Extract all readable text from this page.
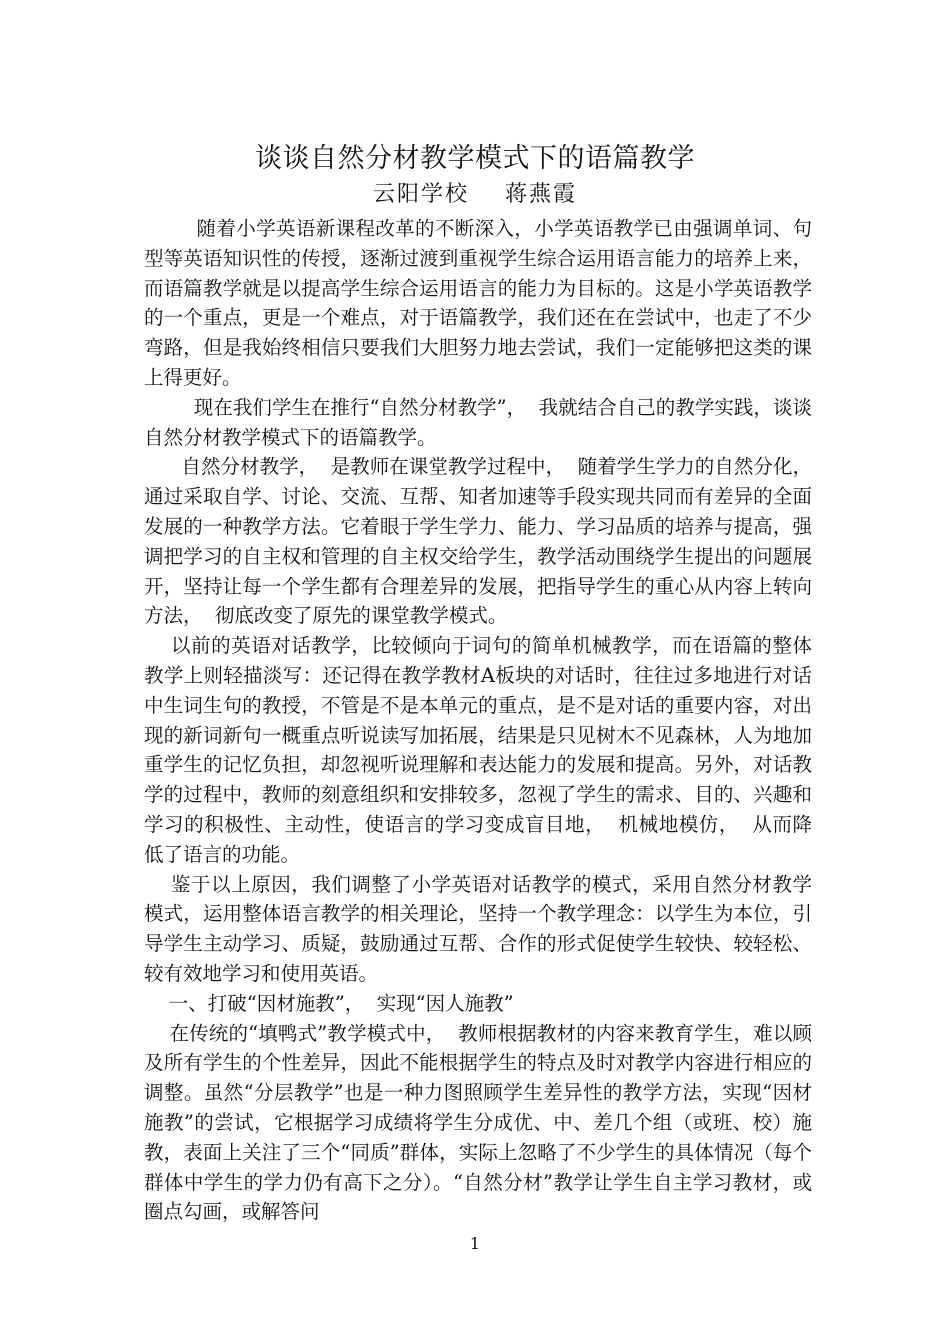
谈谈自然分材教学模式下的语篇教学
云阳学校    蒋燕霞

随着小学英语新课程改革的不断深入，小学英语教学已由强调单词、句型等英语知识性的传授，逐渐过渡到重视学生综合运用语言能力的培养上来，而语篇教学就是以提高学生综合运用语言的能力为目标的。这是小学英语教学的一个重点，更是一个难点，对于语篇教学，我们还在在尝试中，也走了不少弯路，但是我始终相信只要我们大胆努力地去尝试，我们一定能够把这类的课上得更好。

现在我们学生在推行“自然分材教学”，  我就结合自己的教学实践，谈谈自然分材教学模式下的语篇教学。

自然分材教学，  是教师在课堂教学过程中，  随着学生学力的自然分化，通过采取自学、讨论、交流、互帮、知者加速等手段实现共同而有差异的全面发展的一种教学方法。它着眼于学生学力、能力、学习品质的培养与提高，强调把学习的自主权和管理的自主权交给学生，教学活动围绕学生提出的问题展开，坚持让每一个学生都有合理差异的发展，把指导学生的重心从内容上转向方法，  彻底改变了原先的课堂教学模式。

以前的英语对话教学，比较倾向于词句的简单机械教学，而在语篇的整体教学上则轻描淡写：还记得在教学教材A板块的对话时，往往过多地进行对话中生词生句的教授，不管是不是本单元的重点，是不是对话的重要内容，对出现的新词新句一概重点听说读写加拓展，结果是只见树木不见森林，人为地加重学生的记忆负担，却忽视听说理解和表达能力的发展和提高。另外，对话教学的过程中，教师的刻意组织和安排较多，忽视了学生的需求、目的、兴趣和学习的积极性、主动性，使语言的学习变成盲目地，  机械地模仿，  从而降低了语言的功能。

鉴于以上原因，我们调整了小学英语对话教学的模式，采用自然分材教学模式，运用整体语言教学的相关理论，坚持一个教学理念：以学生为本位，引导学生主动学习、质疑，鼓励通过互帮、合作的形式促使学生较快、较轻松、较有效地学习和使用英语。

一、打破“因材施教”，  实现“因人施教”

在传统的“填鸭式”教学模式中，  教师根据教材的内容来教育学生，难以顾及所有学生的个性差异，因此不能根据学生的特点及时对教学内容进行相应的调整。虽然“分层教学”也是一种力图照顾学生差异性的教学方法，实现“因材施教”的尝试，它根据学习成绩将学生分成优、中、差几个组（或班、校）施教，表面上关注了三个“同质”群体，实际上忽略了不少学生的具体情况（每个群体中学生的学力仍有高下之分）。“自然分材”教学让学生自主学习教材，或圈点勾画，或解答问

1
